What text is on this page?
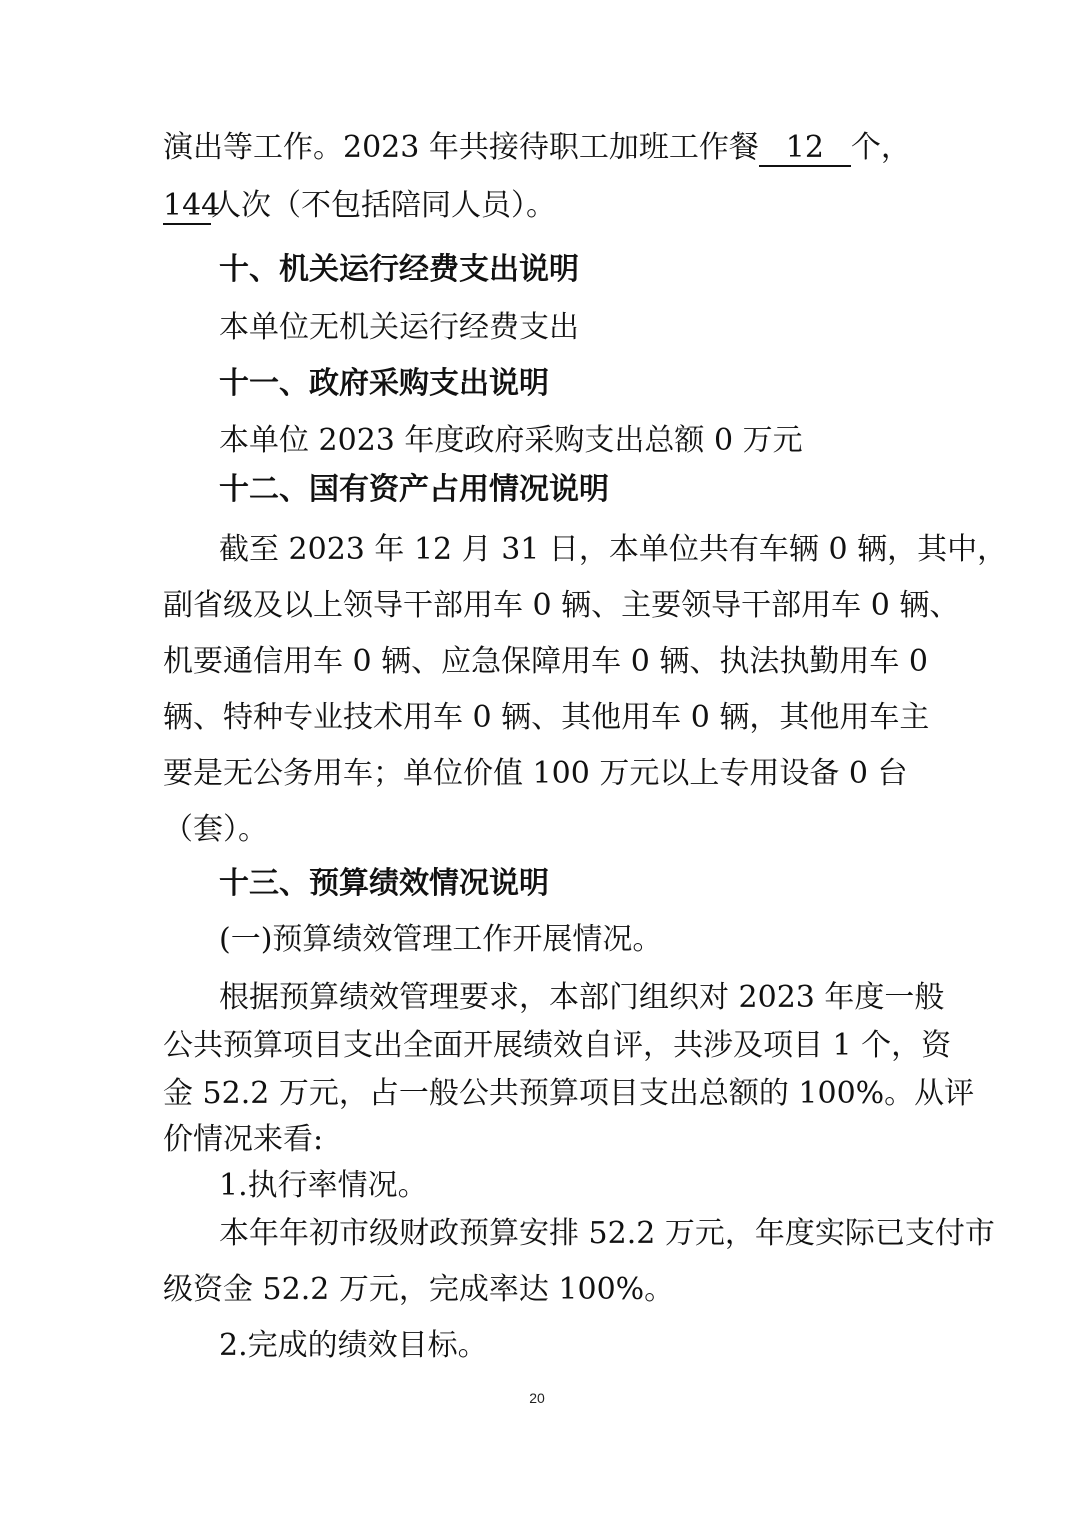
演出等工作。2023 年共接待职工加班工作餐 12 个，
144人次（不包括陪同人员）。
十、机关运行经费支出说明
本单位无机关运行经费支出
十一、政府采购支出说明
本单位 2023 年度政府采购支出总额 0 万元
十二、国有资产占用情况说明
截至 2023 年 12 月 31 日，本单位共有车辆 0 辆，其中，
副省级及以上领导干部用车 0 辆、主要领导干部用车 0 辆、
机要通信用车 0 辆、应急保障用车 0 辆、执法执勤用车 0
辆、特种专业技术用车 0 辆、其他用车 0 辆，其他用车主
要是无公务用车；单位价值 100 万元以上专用设备 0 台
（套）。
十三、预算绩效情况说明
(一)预算绩效管理工作开展情况。
根据预算绩效管理要求，本部门组织对 2023 年度一般
公共预算项目支出全面开展绩效自评，共涉及项目 1 个，资
金 52.2 万元，占一般公共预算项目支出总额的 100%。从评
价情况来看:
1.执行率情况。
本年年初市级财政预算安排 52.2 万元，年度实际已支付市
级资金 52.2 万元，完成率达 100%。
2.完成的绩效目标。
20
